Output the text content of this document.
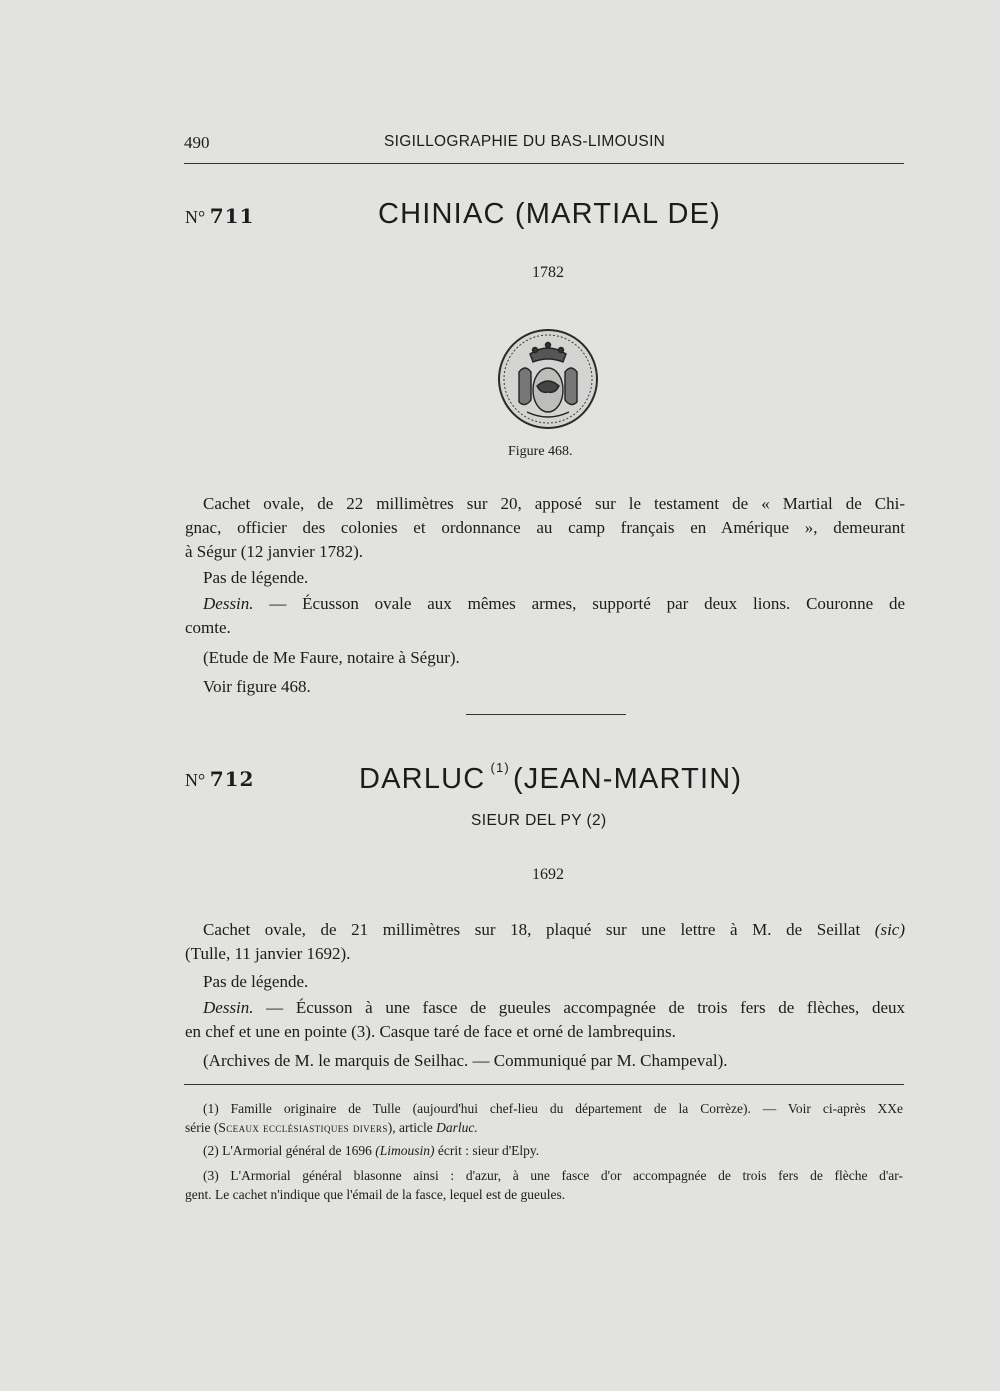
490	SIGILLOGRAPHIE DU BAS-LIMOUSIN
N° 711	CHINIAC (MARTIAL DE)
1782
Figure 468.
Cachet ovale, de 22 millimètres sur 20, apposé sur le testament de « Martial de Chi-
gnac, officier des colonies et ordonnance au camp français en Amérique », demeurant
à Ségur (12 janvier 1782).
Pas de légende.
Dessin. — Écusson ovale aux mêmes armes, supporté par deux lions. Couronne de
comte.
(Etude de Me Faure, notaire à Ségur).
Voir figure 468.
N° 712	DARLUC $^{(1)}$ (JEAN-MARTIN)
SIEUR DEL PY (2)
1692
Cachet ovale, de 21 millimètres sur 18, plaqué sur une lettre à M. de Seillat (sic)
(Tulle, 11 janvier 1692).
Pas de légende.
Dessin. — Écusson à une fasce de gueules accompagnée de trois fers de flèches, deux
en chef et une en pointe (3). Casque taré de face et orné de lambrequins.
(Archives de M. le marquis de Seilhac. — Communiqué par M. Champeval).
(1) Famille originaire de Tulle (aujourd'hui chef-lieu du département de la Corrèze). — Voir ci-après XXe
série (Sceaux ecclésiastiques divers), article Darluc.
(2) L'Armorial général de 1696 (Limousin) écrit : sieur d'Elpy.
(3) L'Armorial général blasonne ainsi : d'azur, à une fasce d'or accompagnée de trois fers de flèche d'ar-
gent. Le cachet n'indique que l'émail de la fasce, lequel est de gueules.
